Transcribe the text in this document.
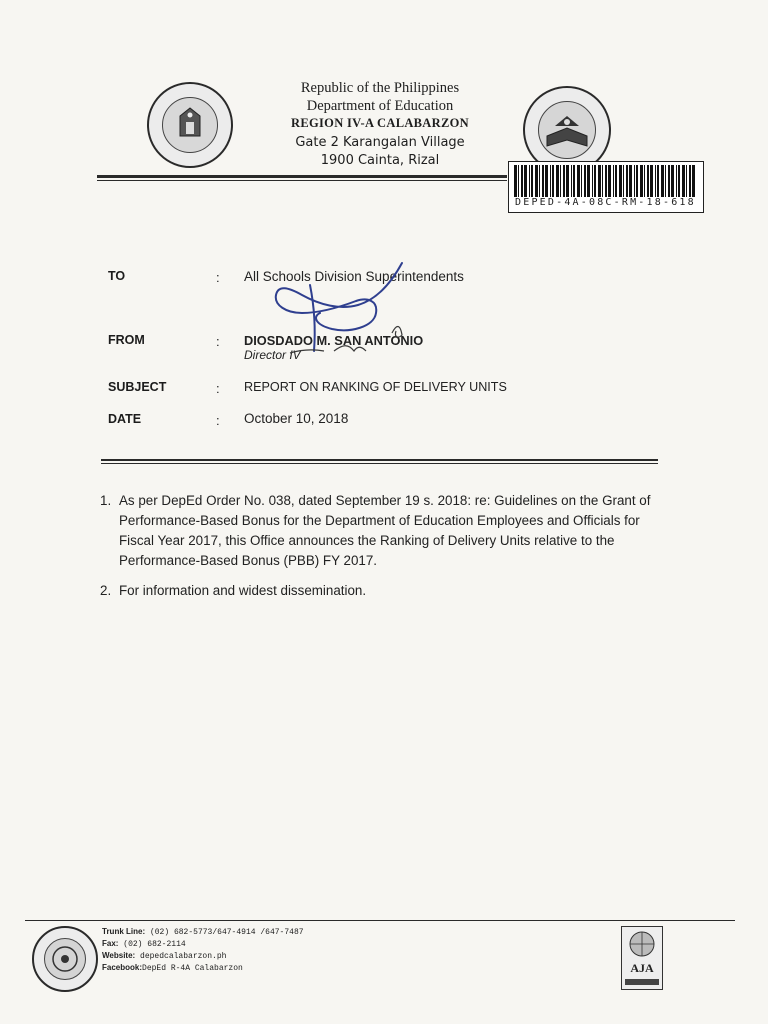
Republic of the Philippines
Department of Education
REGION IV-A CALABARZON
Gate 2 Karangalan Village
1900 Cainta, Rizal
DEPED-4A-08C-RM-18-618
TO	: All Schools Division Superintendents
FROM	: DIOSDADO M. SAN ANTONIO
Director IV
SUBJECT	: REPORT ON RANKING OF DELIVERY UNITS
DATE	: October 10, 2018
1. As per DepEd Order No. 038, dated September 19 s. 2018: re: Guidelines on the Grant of Performance-Based Bonus for the Department of Education Employees and Officials for Fiscal Year 2017, this Office announces the Ranking of Delivery Units relative to the Performance-Based Bonus (PBB) FY 2017.
2. For information and widest dissemination.
Trunk Line: (02) 682-5773/647-4914 /647-7487
Fax: (02) 682-2114
Website: depedcalabarzon.ph
Facebook:DepEd R-4A Calabarzon	AJA
